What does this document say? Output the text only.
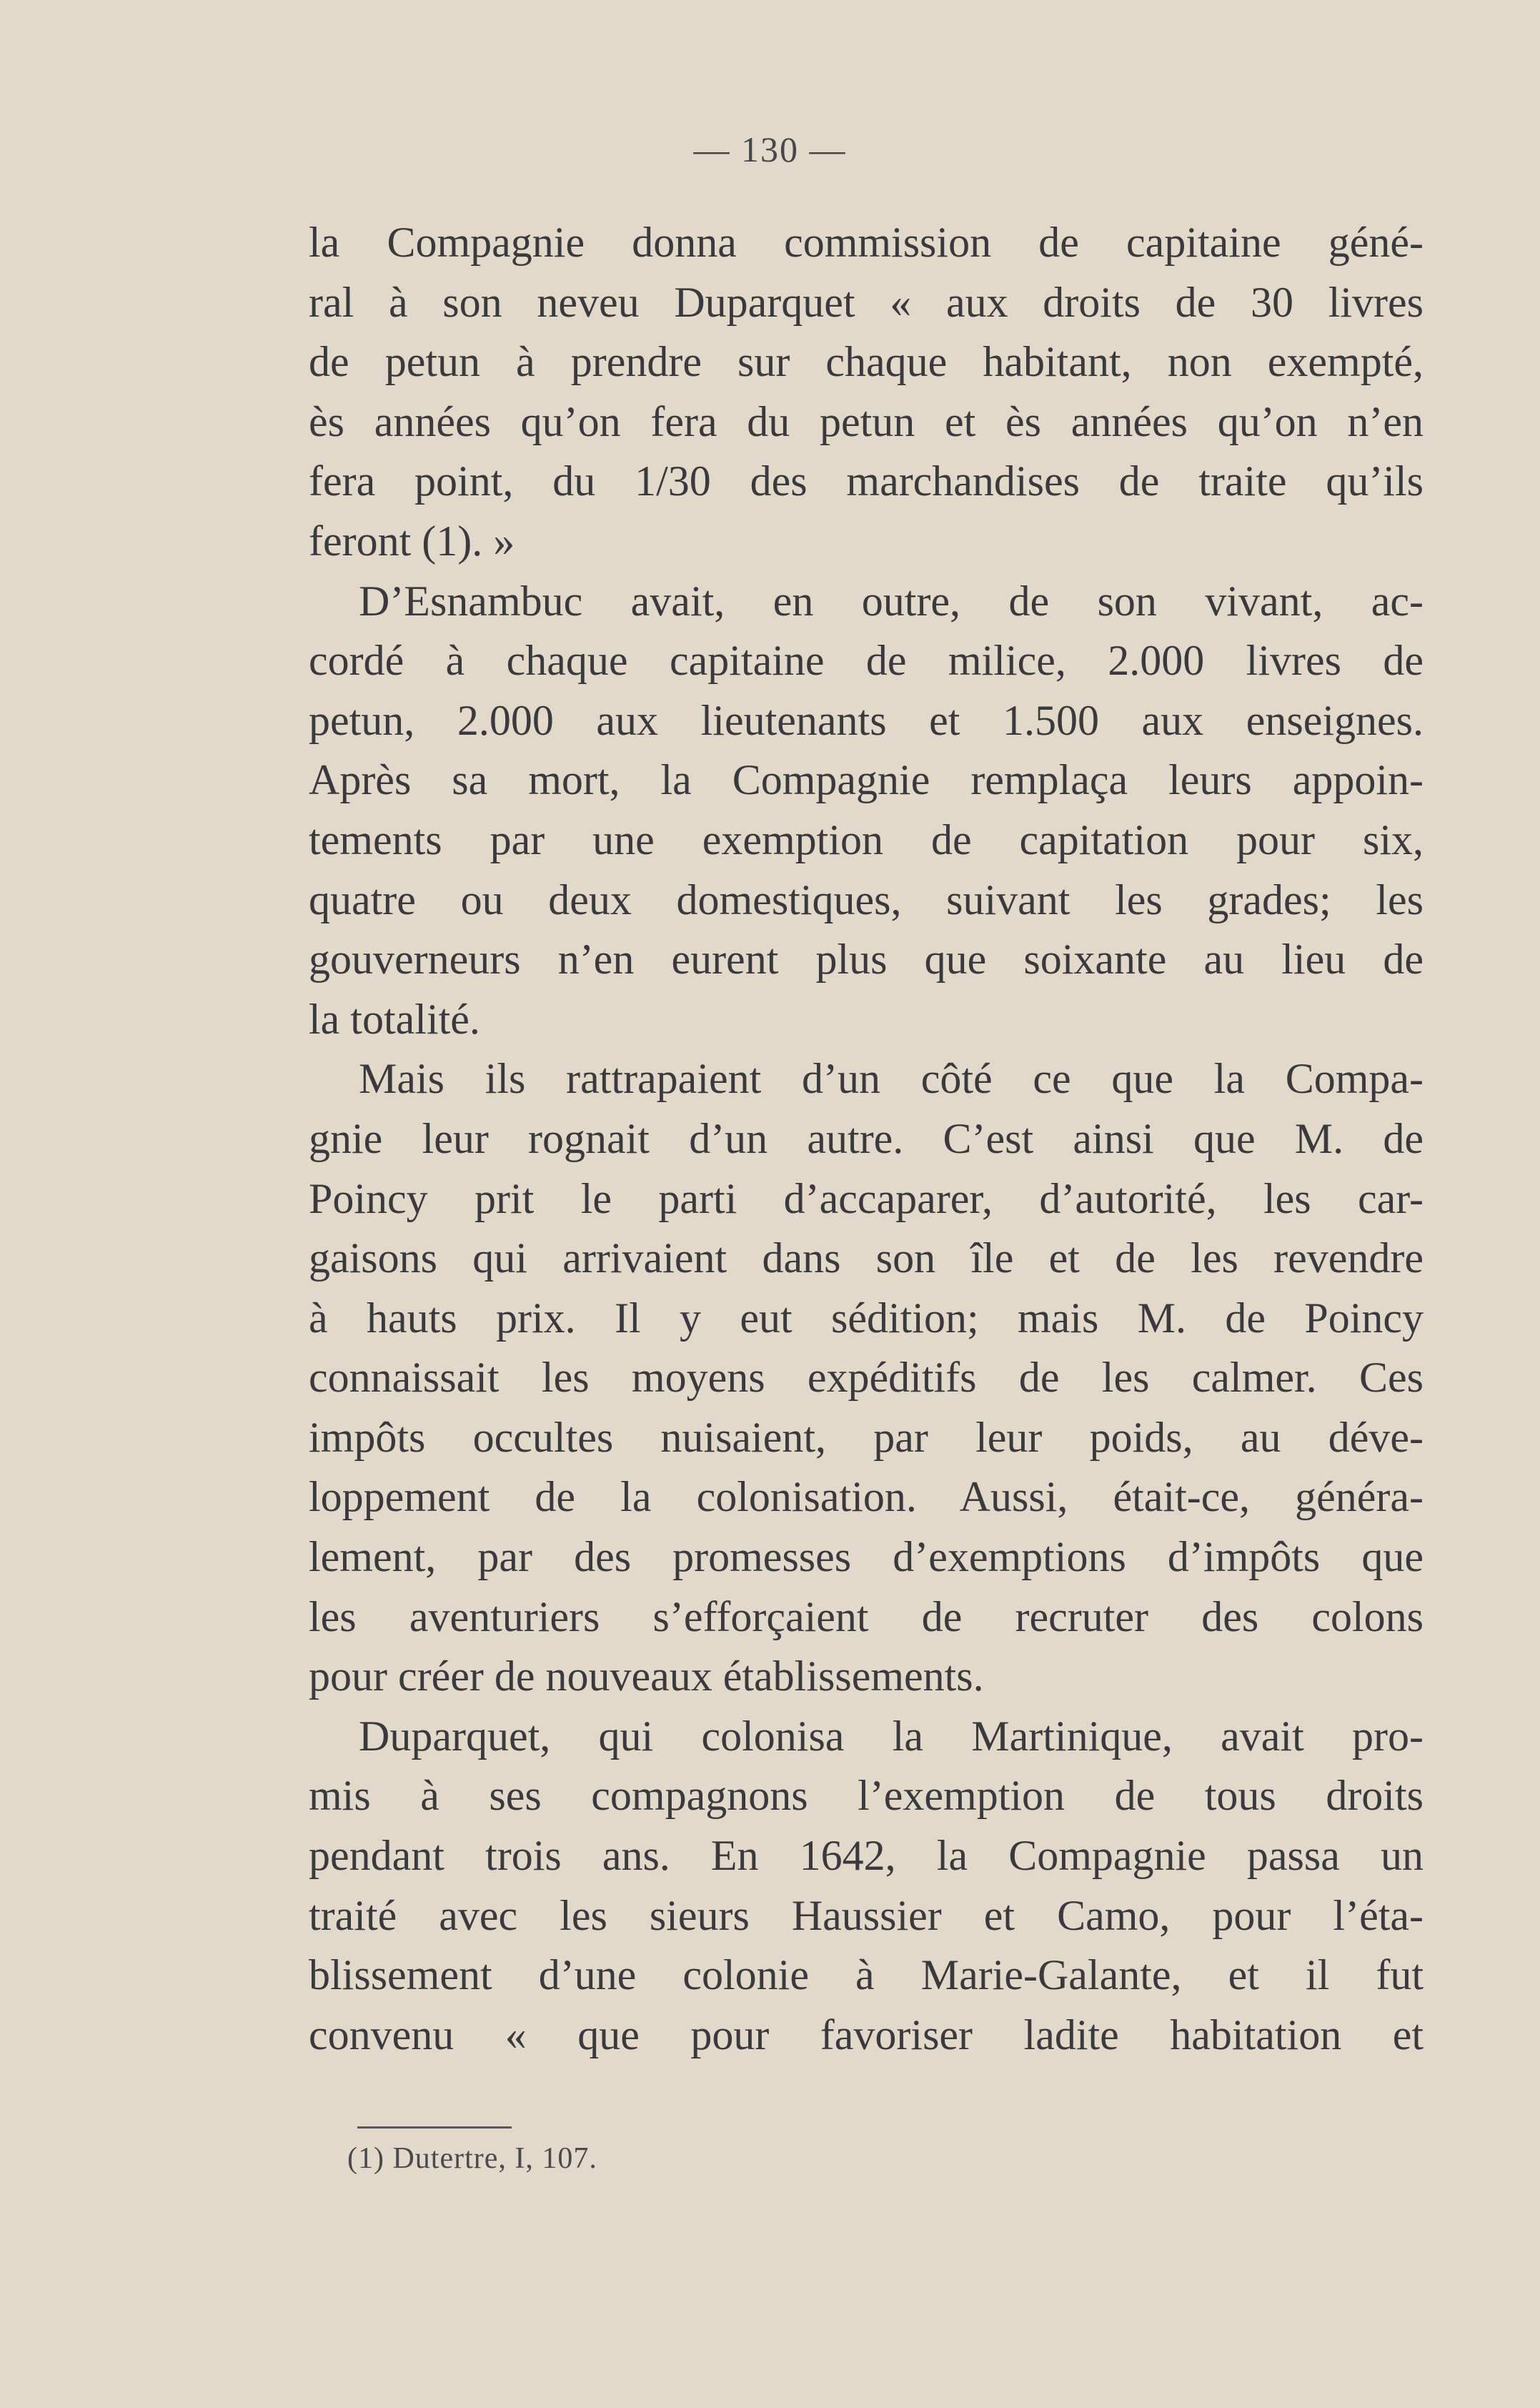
— 130 —
la Compagnie donna commission de capitaine géné-
ral à son neveu Duparquet « aux droits de 30 livres
de petun à prendre sur chaque habitant, non exempté,
ès années qu’on fera du petun et ès années qu’on n’en
fera point, du 1/30 des marchandises de traite qu’ils
feront (1). »
D’Esnambuc avait, en outre, de son vivant, ac-
cordé à chaque capitaine de milice, 2.000 livres de
petun, 2.000 aux lieutenants et 1.500 aux enseignes.
Après sa mort, la Compagnie remplaça leurs appoin-
tements par une exemption de capitation pour six,
quatre ou deux domestiques, suivant les grades; les
gouverneurs n’en eurent plus que soixante au lieu de
la totalité.
Mais ils rattrapaient d’un côté ce que la Compa-
gnie leur rognait d’un autre. C’est ainsi que M. de
Poincy prit le parti d’accaparer, d’autorité, les car-
gaisons qui arrivaient dans son île et de les revendre
à hauts prix. Il y eut sédition; mais M. de Poincy
connaissait les moyens expéditifs de les calmer. Ces
impôts occultes nuisaient, par leur poids, au déve-
loppement de la colonisation. Aussi, était-ce, généra-
lement, par des promesses d’exemptions d’impôts que
les aventuriers s’efforçaient de recruter des colons
pour créer de nouveaux établissements.
Duparquet, qui colonisa la Martinique, avait pro-
mis à ses compagnons l’exemption de tous droits
pendant trois ans. En 1642, la Compagnie passa un
traité avec les sieurs Haussier et Camo, pour l’éta-
blissement d’une colonie à Marie-Galante, et il fut
convenu « que pour favoriser ladite habitation et
(1) Dutertre, I, 107.
